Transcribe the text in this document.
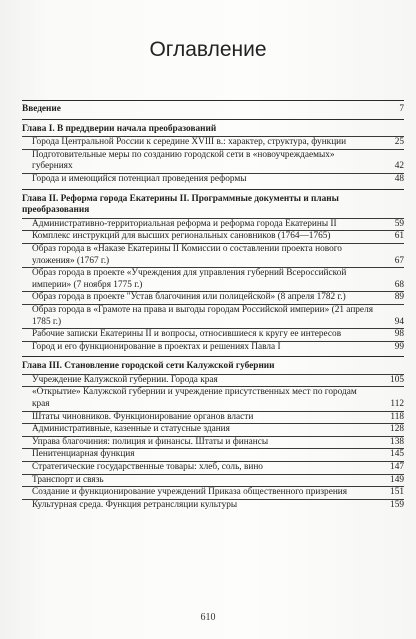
Оглавление
Введение	7
Глава I. В преддверии начала преобразований
Города Центральной России к середине XVIII в.: характер, структура, функции	25
Подготовительные меры по созданию городской сети в «новоучреждаемых» губерниях	42
Города и имеющийся потенциал проведения реформы	48
Глава II. Реформа города Екатерины II. Программные документы и планы преобразования
Административно-территориальная реформа и реформа города Екатерины II	59
Комплекс инструкций для высших региональных сановников (1764—1765)	61
Образ города в «Наказе Екатерины II Комиссии о составлении проекта нового уложения» (1767 г.)	67
Образ города в проекте «Учреждения для управления губерний Всероссийской империи» (7 ноября 1775 г.)	68
Образ города в проекте "Устав благочиния или полицейской» (8 апреля 1782 г.)	89
Образ города в «Грамоте на права и выгоды городам Российской империи» (21 апреля 1785 г.)	94
Рабочие записки Екатерины II и вопросы, относившиеся к кругу ее интересов	98
Город и его функционирование в проектах и решениях Павла I	99
Глава III. Становление городской сети Калужской губернии
Учреждение Калужской губернии. Города края	105
«Открытие» Калужской губернии и учреждение присутственных мест по городам края	112
Штаты чиновников. Функционирование органов власти	118
Административные, казенные и статусные здания	128
Управа благочиния: полиция и финансы. Штаты и финансы	138
Пенитенциарная функция	145
Стратегические государственные товары: хлеб, соль, вино	147
Транспорт и связь	149
Создание и функционирование учреждений Приказа общественного призрения	151
Культурная среда. Функция ретрансляции культуры	159
610
